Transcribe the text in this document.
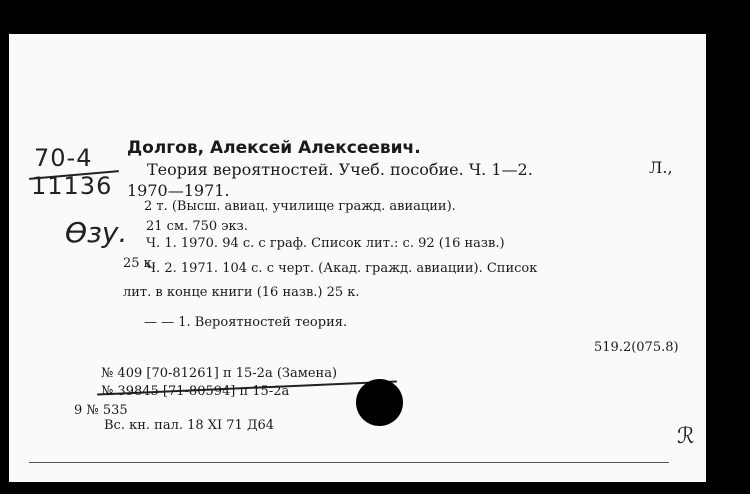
70-4
11136
Ѳзу.
Долгов, Алексей Алексеевич.
Теория вероятностей. Учеб. пособие. Ч. 1—2.	Л.,
1970—1971.
2 т. (Высш. авиац. училище гражд. авиации).
21 см. 750 экз.
Ч. 1. 1970. 94 с. с граф. Список лит.: с. 92 (16 назв.)
25 к.
Ч. 2. 1971. 104 с. с черт. (Акад. гражд. авиации). Список
лит. в конце книги (16 назв.) 25 к.
— — 1. Вероятностей теория.
519.2(075.8)
№ 409 [70-81261] п 15-2а (Замена)
№ 39845 [71-80594] п 15-2а
9 № 535
Вс. кн. пал. 18 XI 71 Д64	ℛ
